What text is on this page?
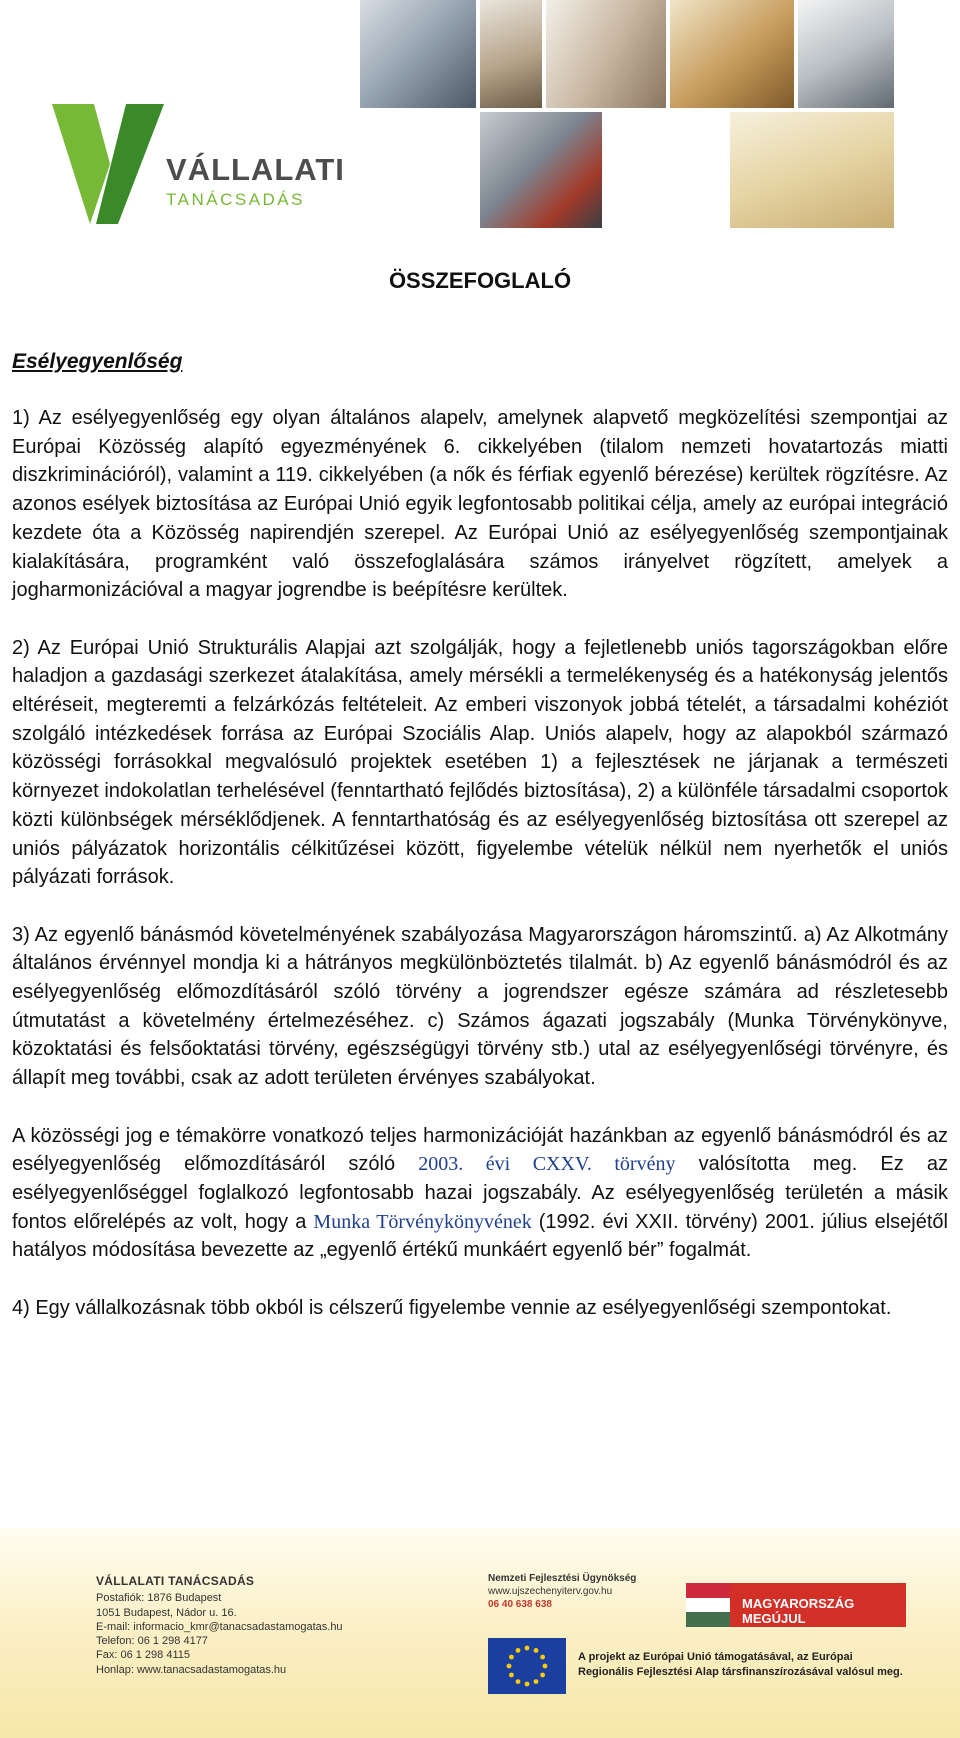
VÁLLALATI
TANÁCSADÁS
ÖSSZEFOGLALÓ
Esélyegyenlőség

1) Az esélyegyenlőség egy olyan általános alapelv, amelynek alapvető megközelítési szempontjai az Európai Közösség alapító egyezményének 6. cikkelyében (tilalom nemzeti hovatartozás miatti diszkriminációról), valamint a 119. cikkelyében (a nők és férfiak egyenlő bérezése) kerültek rögzítésre. Az azonos esélyek biztosítása az Európai Unió egyik legfontosabb politikai célja, amely az európai integráció kezdete óta a Közösség napirendjén szerepel. Az Európai Unió az esélyegyenlőség szempontjainak kialakítására, programként való összefoglalására számos irányelvet rögzített, amelyek a jogharmonizációval a magyar jogrendbe is beépítésre kerültek.

2) Az Európai Unió Strukturális Alapjai azt szolgálják, hogy a fejletlenebb uniós tagországokban előre haladjon a gazdasági szerkezet átalakítása, amely mérsékli a termelékenység és a hatékonyság jelentős eltéréseit, megteremti a felzárkózás feltételeit. Az emberi viszonyok jobbá tételét, a társadalmi kohéziót szolgáló intézkedések forrása az Európai Szociális Alap. Uniós alapelv, hogy az alapokból származó közösségi forrásokkal megvalósuló projektek esetében 1) a fejlesztések ne járjanak a természeti környezet indokolatlan terhelésével (fenntartható fejlődés biztosítása), 2) a különféle társadalmi csoportok közti különbségek mérséklődjenek. A fenntarthatóság és az esélyegyenlőség biztosítása ott szerepel az uniós pályázatok horizontális célkitűzései között, figyelembe vételük nélkül nem nyerhetők el uniós pályázati források.

3) Az egyenlő bánásmód követelményének szabályozása Magyarországon háromszintű. a) Az Alkotmány általános érvénnyel mondja ki a hátrányos megkülönböztetés tilalmát. b) Az egyenlő bánásmódról és az esélyegyenlőség előmozdításáról szóló törvény a jogrendszer egésze számára ad részletesebb útmutatást a követelmény értelmezéséhez. c) Számos ágazati jogszabály (Munka Törvénykönyve, közoktatási és felsőoktatási törvény, egészségügyi törvény stb.) utal az esélyegyenlőségi törvényre, és állapít meg további, csak az adott területen érvényes szabályokat.

A közösségi jog e témakörre vonatkozó teljes harmonizációját hazánkban az egyenlő bánásmódról és az esélyegyenlőség előmozdításáról szóló 2003. évi CXXV. törvény valósította meg. Ez az esélyegyenlőséggel foglalkozó legfontosabb hazai jogszabály. Az esélyegyenlőség területén a másik fontos előrelépés az volt, hogy a Munka Törvénykönyvének (1992. évi XXII. törvény) 2001. július elsejétől hatályos módosítása bevezette az „egyenlő értékű munkáért egyenlő bér” fogalmát.

4) Egy vállalkozásnak több okból is célszerű figyelembe vennie az esélyegyenlőségi szempontokat.

VÁLLALATI TANÁCSADÁS
Postafiók: 1876 Budapest
1051 Budapest, Nádor u. 16.
E-mail: informacio_kmr@tanacsadastamogatas.hu
Telefon: 06 1 298 4177
Fax: 06 1 298 4115
Honlap: www.tanacsadastamogatas.hu
Nemzeti Fejlesztési Ügynökség
www.ujszechenyiterv.gov.hu
06 40 638 638	MAGYARORSZÁG MEGÚJUL
A projekt az Európai Unió támogatásával, az Európai
Regionális Fejlesztési Alap társfinanszírozásával valósul meg.
